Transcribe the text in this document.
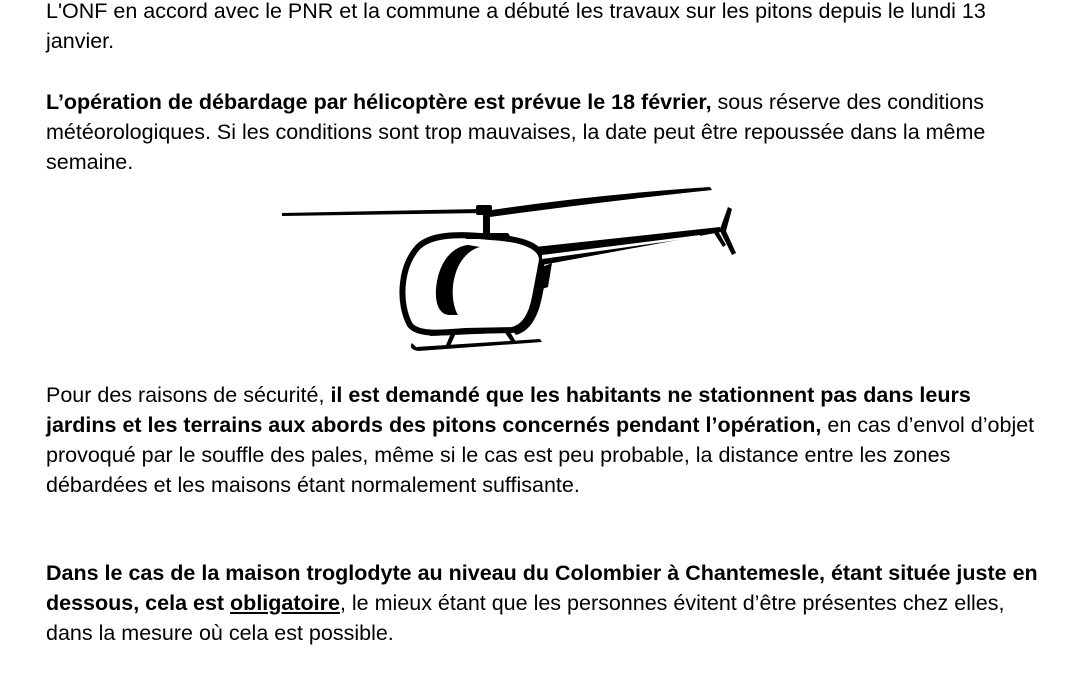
L'ONF en accord avec le PNR et la commune a débuté les travaux sur les pitons depuis le lundi 13 janvier.

L’opération de débardage par hélicoptère est prévue le 18 février, sous réserve des conditions météorologiques. Si les conditions sont trop mauvaises, la date peut être repoussée dans la même semaine.

Pour des raisons de sécurité, il est demandé que les habitants ne stationnent pas dans leurs jardins et les terrains aux abords des pitons concernés pendant l’opération, en cas d’envol d’objet provoqué par le souffle des pales, même si le cas est peu probable, la distance entre les zones débardées et les maisons étant normalement suffisante.

Dans le cas de la maison troglodyte au niveau du Colombier à Chantemesle, étant située juste en dessous, cela est obligatoire, le mieux étant que les personnes évitent d’être présentes chez elles, dans la mesure où cela est possible.
